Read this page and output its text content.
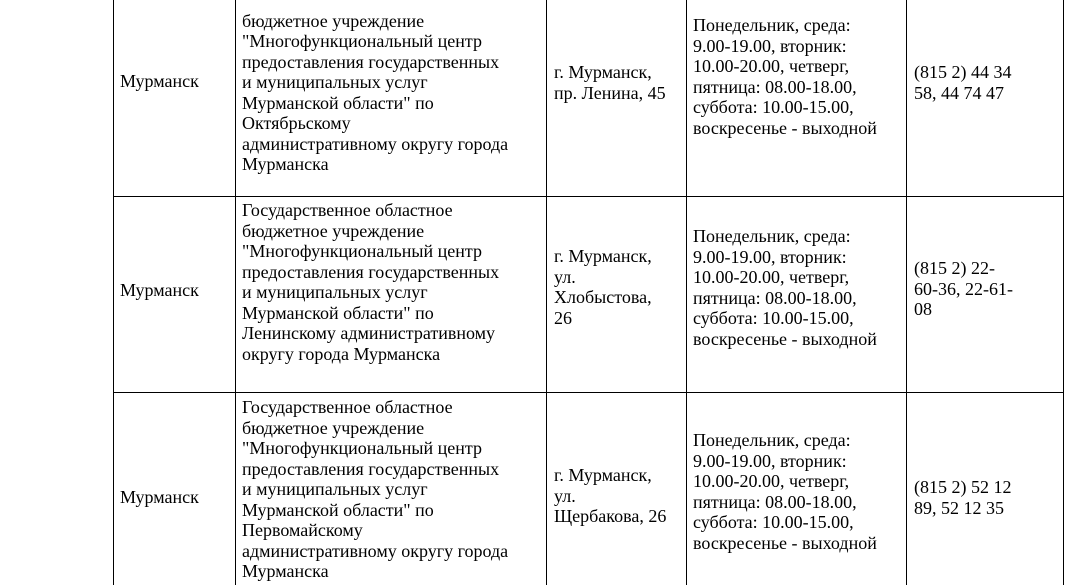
Мурманск

бюджетное учреждение
"Многофункциональный центр
предоставления государственных
и муниципальных услуг
Мурманской области" по
Октябрьскому
административному округу города
Мурманска
г. Мурманск,
пр. Ленина, 45
Понедельник, среда:
9.00-19.00, вторник:
10.00-20.00, четверг,
пятница: 08.00-18.00,
суббота: 10.00-15.00,
воскресенье - выходной
(815 2) 44 34
58, 44 74 47
Мурманск
Государственное областное
бюджетное учреждение
"Многофункциональный центр
предоставления государственных
и муниципальных услуг
Мурманской области" по
Ленинскому административному
округу города Мурманска
г. Мурманск,
ул.
Хлобыстова,
26
Понедельник, среда:
9.00-19.00, вторник:
10.00-20.00, четверг,
пятница: 08.00-18.00,
суббота: 10.00-15.00,
воскресенье - выходной
(815 2) 22-
60-36, 22-61-
08
Мурманск
Государственное областное
бюджетное учреждение
"Многофункциональный центр
предоставления государственных
и муниципальных услуг
Мурманской области" по
Первомайскому
административному округу города
Мурманска
г. Мурманск,
ул.
Щербакова, 26
Понедельник, среда:
9.00-19.00, вторник:
10.00-20.00, четверг,
пятница: 08.00-18.00,
суббота: 10.00-15.00,
воскресенье - выходной
(815 2) 52 12
89, 52 12 35
